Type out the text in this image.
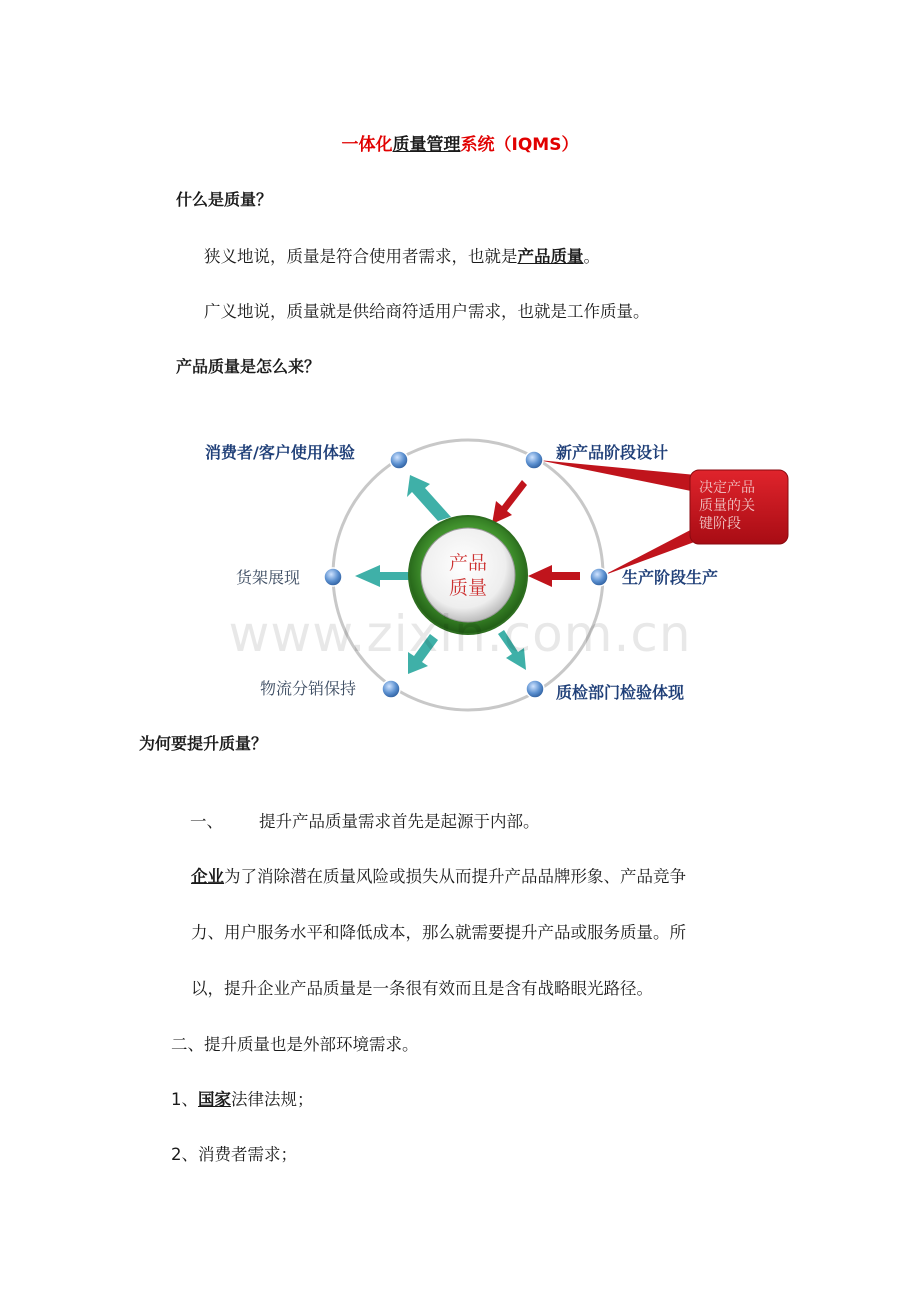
一体化质量管理系统（IQMS）
什么是质量？
狭义地说，质量是符合使用者需求，也就是产品质量。
广义地说，质量就是供给商符适用户需求，也就是工作质量。
产品质量是怎么来？
产品
质量
决定产品
质量的关
键阶段
消费者/客户使用体验	新产品阶段设计
货架展现	生产阶段生产
物流分销保持	质检部门检验体现
www.zixin.com.cn
为何要提升质量？
一、 提升产品质量需求首先是起源于内部。
企业为了消除潜在质量风险或损失从而提升产品品牌形象、产品竞争
力、用户服务水平和降低成本，那么就需要提升产品或服务质量。所
以，提升企业产品质量是一条很有效而且是含有战略眼光路径。
二、提升质量也是外部环境需求。
1、国家法律法规；
2、消费者需求；
